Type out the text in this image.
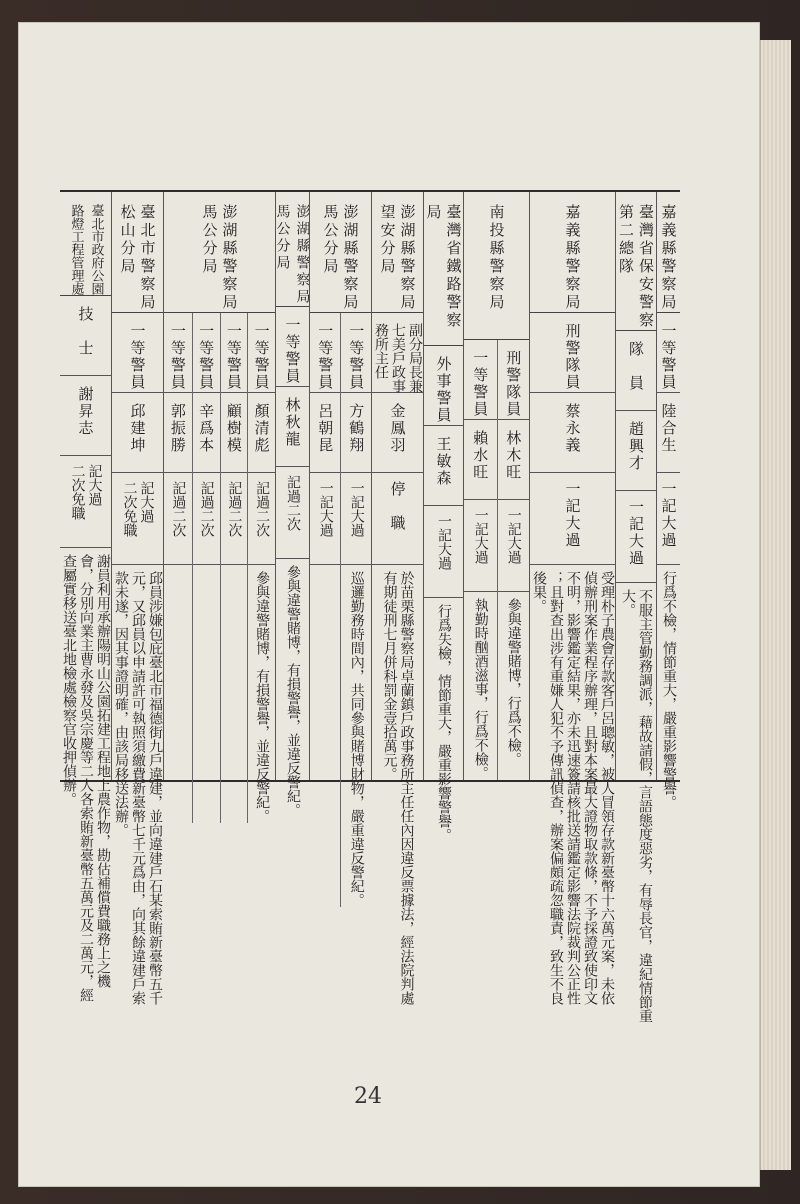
嘉義縣警察局
一等警員
陸合生
一記大過
行爲不檢，情節重大，嚴重影響警譽。
臺灣省保安警察
第二總隊
隊　員
趙興才
一記大過
不服主管勤務調派，藉故請假，言語態度惡劣，有辱長官，違紀情節重
大。
嘉義縣警察局
刑警隊員
蔡永義
一記大過
受理朴子農會存款客戶呂聰敏，被人冒領存款新臺幣十六萬元案，未依
偵辦刑案作業程序辦理，且對本案最大證物取款條，不予採證致使印文
不明，影響鑑定結果，亦未迅速簽請核批送請鑑定影響法院裁判公正性
；且對查出涉有重嫌人犯不予傳訊偵查，辦案偏頗疏忽職責，致生不良
後果。
南投縣警察局
刑警隊員
林木旺
一記大過
參與違警賭博，行爲不檢。
一等警員
賴水旺
一記大過
執勤時酗酒滋事，行爲不檢。
臺灣省鐵路警察局
外事警員
王敏森
一記大過
行爲失檢，情節重大，嚴重影響警譽。
澎湖縣警察局
望安分局
副分局長兼七美戶政事務所主任
金鳳羽
停　職
於苗栗縣警察局卓蘭鎮戶政事務所主任任內因違反票據法，經法院判處
有期徒刑七月併科罰金壹拾萬元。
澎湖縣警察局
馬公分局
一等警員
方鶴翔
一記大過
巡邏勤務時間內，共同參與賭博財物，嚴重違反警紀。
一等警員
呂朝昆
一記大過
澎湖縣警察局
馬公分局
一等警員
林秋龍
記過二次
參與違警賭博，有損警譽，並違反警紀。
澎湖縣警察局
馬公分局
一等警員
顏清彪
記過二次
參與違警賭博，有損警譽，並違反警紀。
一等警員
顧樹模
記過二次
一等警員
辛爲本
記過二次
一等警員
郭振勝
記過二次
臺北市警察局
松山分局
一等警員
邱建坤
記大過
二次免職
邱員涉嫌包庇臺北市福德街九戶違建，並向違建戶石某索賄新臺幣五千
元，又邱員以申請許可執照須繳費新臺幣七千元爲由，向其餘違建戶索
款未遂，因其事證明確，由該局移送法辦。
臺北市政府公園
路燈工程管理處
技　士
謝昇志
記大過
二次免職
謝員利用承辦陽明山公園拓建工程地上農作物，勘估補償費職務上之機
會，分別向業主曹永發及吳宗慶等二人各索賄新臺幣五萬元及二萬元，經
查屬實移送臺北地檢處檢察官收押偵辦。
24
